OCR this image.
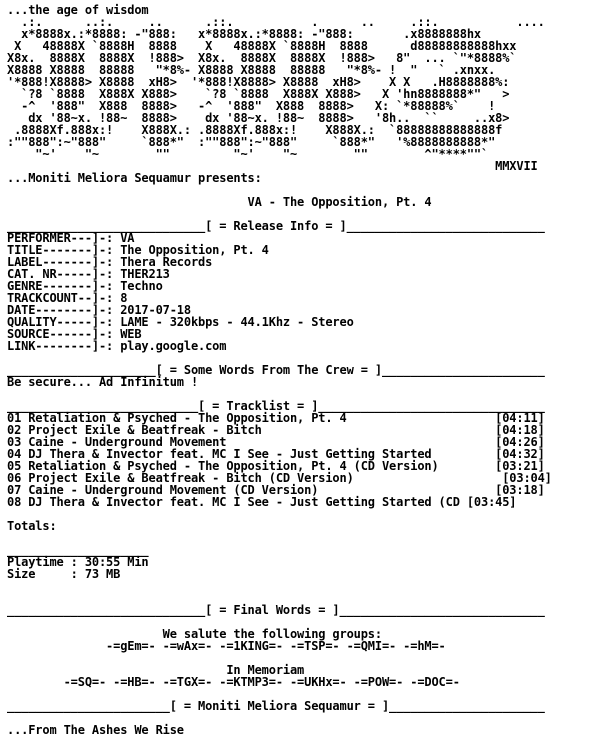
...the age of wisdom
.:.      ..:.     ..      .::.           .      ..     .::.           ....
x*8888x.:*8888: -"888:   x*8888x.:*8888: -"888:       .x8888888hx
X   48888X `8888H  8888    X   48888X `8888H  8888      d88888888888hxx
X8x.  8888X  8888X  !888>  X8x.  8888X  8888X  !888>   8"  ... `"*8888%`
X8888 X8888  88888   "*8%- X8888 X8888  88888   "*8%- !  "   ` .xnxx.
'*888!X8888> X8888  xH8>  '*888!X8888> X8888  xH8>    X X   .H8888888%:
`?8 `8888  X888X X888>    `?8 `8888  X888X X888>   X 'hn8888888*"   >
-^  '888"  X888  8888>   -^  '888"  X888  8888>   X: `*88888%`    !
dx '88~x. !88~  8888>    dx '88~x. !88~  8888>   '8h..  ``     ..x8>
.8888Xf.888x:!    X888X.: .8888Xf.888x:!    X888X.:  `88888888888888f
:""888":~"888"     `888*"  :""888":~"888"     `888*"   '%8888888888*"
"~'    "~        ""         "~'    "~        ""        ^"****""`
MMXVII
...Moniti Meliora Sequamur presents:
VA - The Opposition, Pt. 4
____________________________[ = Release Info = ]____________________________
PERFORMER---]-: VA
TITLE-------]-: The Opposition, Pt. 4
LABEL-------]-: Thera Records
CAT. NR-----]-: THER213
GENRE-------]-: Techno
TRACKCOUNT--]-: 8
DATE--------]-: 2017-07-18
QUALITY-----]-: LAME - 320kbps - 44.1Khz - Stereo
SOURCE------]-: WEB
LINK--------]-: play.google.com
_____________________[ = Some Words From The Crew = ]_______________________
Be secure... Ad Infinitum !
___________________________[ = Tracklist = ]________________________________
01 Retaliation & Psyched - The Opposition, Pt. 4                     [04:11]
02 Project Exile & Beatfreak - Bitch                                 [04:18]
03 Caine - Underground Movement                                      [04:26]
04 DJ Thera & Invector feat. MC I See - Just Getting Started         [04:32]
05 Retaliation & Psyched - The Opposition, Pt. 4 (CD Version)        [03:21]
06 Project Exile & Beatfreak - Bitch (CD Version)                     [03:04]
07 Caine - Underground Movement (CD Version)                         [03:18]
08 DJ Thera & Invector feat. MC I See - Just Getting Started (CD [03:45]
Totals:
____________________
Playtime : 30:55 Min
Size     : 73 MB
____________________________[ = Final Words = ]_____________________________
We salute the following groups:
-=gEm=- -=wAx=- -=1KING=- -=TSP=- -=QMI=- -=hM=-
In Memoriam
-=SQ=- -=HB=- -=TGX=- -=KTMP3=- -=UKHx=- -=POW=- -=DOC=-
_______________________[ = Moniti Meliora Sequamur = ]______________________
...From The Ashes We Rise
